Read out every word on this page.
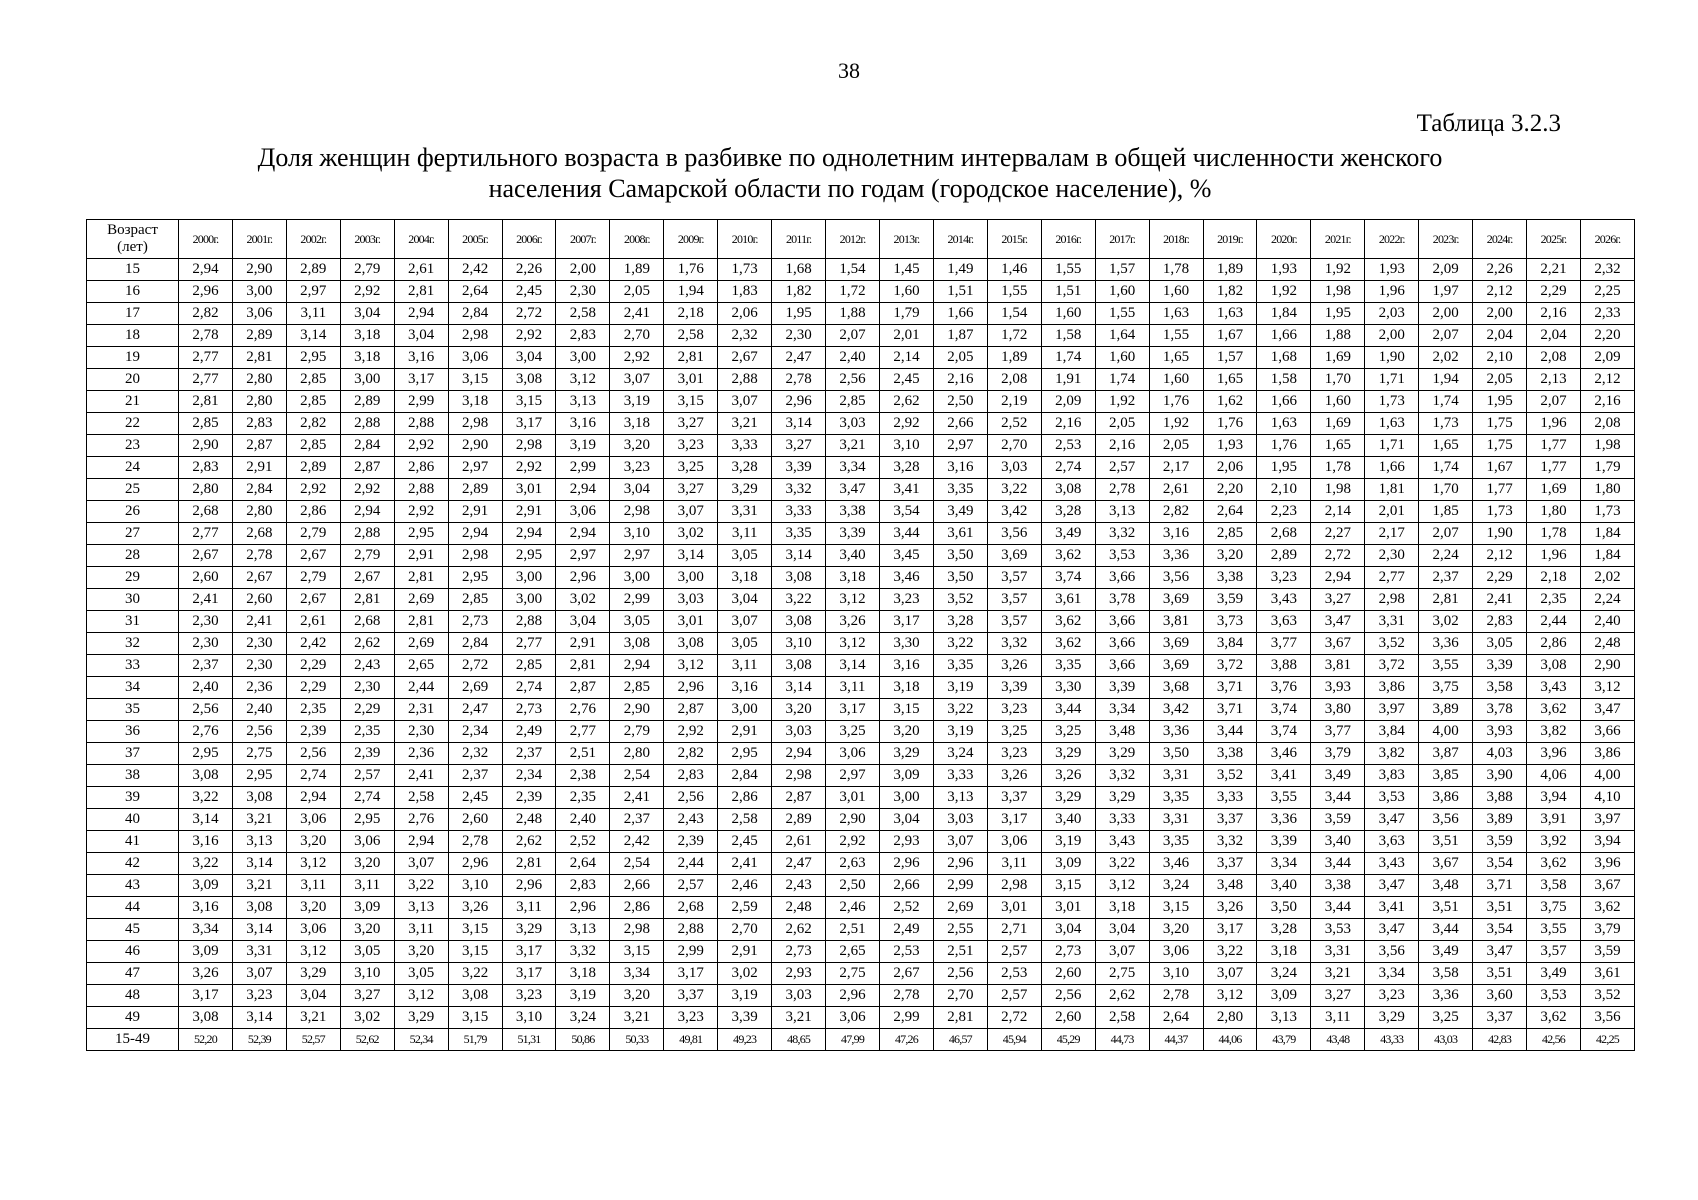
38
Таблица 3.2.3
Доля женщин фертильного возраста в разбивке по однолетним интервалам в общей численности женского
населения Самарской области по годам (городское население), %
Возраст
(лет)	2000г.	2001г.	2002г.	2003г.	2004г.	2005г.	2006г.	2007г.	2008г.	2009г.	2010г.	2011г.	2012г.	2013г.	2014г.	2015г.	2016г.	2017г.	2018г.	2019г.	2020г.	2021г.	2022г.	2023г.	2024г.	2025г.	2026г.
15	2,94	2,90	2,89	2,79	2,61	2,42	2,26	2,00	1,89	1,76	1,73	1,68	1,54	1,45	1,49	1,46	1,55	1,57	1,78	1,89	1,93	1,92	1,93	2,09	2,26	2,21	2,32
16	2,96	3,00	2,97	2,92	2,81	2,64	2,45	2,30	2,05	1,94	1,83	1,82	1,72	1,60	1,51	1,55	1,51	1,60	1,60	1,82	1,92	1,98	1,96	1,97	2,12	2,29	2,25
17	2,82	3,06	3,11	3,04	2,94	2,84	2,72	2,58	2,41	2,18	2,06	1,95	1,88	1,79	1,66	1,54	1,60	1,55	1,63	1,63	1,84	1,95	2,03	2,00	2,00	2,16	2,33
18	2,78	2,89	3,14	3,18	3,04	2,98	2,92	2,83	2,70	2,58	2,32	2,30	2,07	2,01	1,87	1,72	1,58	1,64	1,55	1,67	1,66	1,88	2,00	2,07	2,04	2,04	2,20
19	2,77	2,81	2,95	3,18	3,16	3,06	3,04	3,00	2,92	2,81	2,67	2,47	2,40	2,14	2,05	1,89	1,74	1,60	1,65	1,57	1,68	1,69	1,90	2,02	2,10	2,08	2,09
20	2,77	2,80	2,85	3,00	3,17	3,15	3,08	3,12	3,07	3,01	2,88	2,78	2,56	2,45	2,16	2,08	1,91	1,74	1,60	1,65	1,58	1,70	1,71	1,94	2,05	2,13	2,12
21	2,81	2,80	2,85	2,89	2,99	3,18	3,15	3,13	3,19	3,15	3,07	2,96	2,85	2,62	2,50	2,19	2,09	1,92	1,76	1,62	1,66	1,60	1,73	1,74	1,95	2,07	2,16
22	2,85	2,83	2,82	2,88	2,88	2,98	3,17	3,16	3,18	3,27	3,21	3,14	3,03	2,92	2,66	2,52	2,16	2,05	1,92	1,76	1,63	1,69	1,63	1,73	1,75	1,96	2,08
23	2,90	2,87	2,85	2,84	2,92	2,90	2,98	3,19	3,20	3,23	3,33	3,27	3,21	3,10	2,97	2,70	2,53	2,16	2,05	1,93	1,76	1,65	1,71	1,65	1,75	1,77	1,98
24	2,83	2,91	2,89	2,87	2,86	2,97	2,92	2,99	3,23	3,25	3,28	3,39	3,34	3,28	3,16	3,03	2,74	2,57	2,17	2,06	1,95	1,78	1,66	1,74	1,67	1,77	1,79
25	2,80	2,84	2,92	2,92	2,88	2,89	3,01	2,94	3,04	3,27	3,29	3,32	3,47	3,41	3,35	3,22	3,08	2,78	2,61	2,20	2,10	1,98	1,81	1,70	1,77	1,69	1,80
26	2,68	2,80	2,86	2,94	2,92	2,91	2,91	3,06	2,98	3,07	3,31	3,33	3,38	3,54	3,49	3,42	3,28	3,13	2,82	2,64	2,23	2,14	2,01	1,85	1,73	1,80	1,73
27	2,77	2,68	2,79	2,88	2,95	2,94	2,94	2,94	3,10	3,02	3,11	3,35	3,39	3,44	3,61	3,56	3,49	3,32	3,16	2,85	2,68	2,27	2,17	2,07	1,90	1,78	1,84
28	2,67	2,78	2,67	2,79	2,91	2,98	2,95	2,97	2,97	3,14	3,05	3,14	3,40	3,45	3,50	3,69	3,62	3,53	3,36	3,20	2,89	2,72	2,30	2,24	2,12	1,96	1,84
29	2,60	2,67	2,79	2,67	2,81	2,95	3,00	2,96	3,00	3,00	3,18	3,08	3,18	3,46	3,50	3,57	3,74	3,66	3,56	3,38	3,23	2,94	2,77	2,37	2,29	2,18	2,02
30	2,41	2,60	2,67	2,81	2,69	2,85	3,00	3,02	2,99	3,03	3,04	3,22	3,12	3,23	3,52	3,57	3,61	3,78	3,69	3,59	3,43	3,27	2,98	2,81	2,41	2,35	2,24
31	2,30	2,41	2,61	2,68	2,81	2,73	2,88	3,04	3,05	3,01	3,07	3,08	3,26	3,17	3,28	3,57	3,62	3,66	3,81	3,73	3,63	3,47	3,31	3,02	2,83	2,44	2,40
32	2,30	2,30	2,42	2,62	2,69	2,84	2,77	2,91	3,08	3,08	3,05	3,10	3,12	3,30	3,22	3,32	3,62	3,66	3,69	3,84	3,77	3,67	3,52	3,36	3,05	2,86	2,48
33	2,37	2,30	2,29	2,43	2,65	2,72	2,85	2,81	2,94	3,12	3,11	3,08	3,14	3,16	3,35	3,26	3,35	3,66	3,69	3,72	3,88	3,81	3,72	3,55	3,39	3,08	2,90
34	2,40	2,36	2,29	2,30	2,44	2,69	2,74	2,87	2,85	2,96	3,16	3,14	3,11	3,18	3,19	3,39	3,30	3,39	3,68	3,71	3,76	3,93	3,86	3,75	3,58	3,43	3,12
35	2,56	2,40	2,35	2,29	2,31	2,47	2,73	2,76	2,90	2,87	3,00	3,20	3,17	3,15	3,22	3,23	3,44	3,34	3,42	3,71	3,74	3,80	3,97	3,89	3,78	3,62	3,47
36	2,76	2,56	2,39	2,35	2,30	2,34	2,49	2,77	2,79	2,92	2,91	3,03	3,25	3,20	3,19	3,25	3,25	3,48	3,36	3,44	3,74	3,77	3,84	4,00	3,93	3,82	3,66
37	2,95	2,75	2,56	2,39	2,36	2,32	2,37	2,51	2,80	2,82	2,95	2,94	3,06	3,29	3,24	3,23	3,29	3,29	3,50	3,38	3,46	3,79	3,82	3,87	4,03	3,96	3,86
38	3,08	2,95	2,74	2,57	2,41	2,37	2,34	2,38	2,54	2,83	2,84	2,98	2,97	3,09	3,33	3,26	3,26	3,32	3,31	3,52	3,41	3,49	3,83	3,85	3,90	4,06	4,00
39	3,22	3,08	2,94	2,74	2,58	2,45	2,39	2,35	2,41	2,56	2,86	2,87	3,01	3,00	3,13	3,37	3,29	3,29	3,35	3,33	3,55	3,44	3,53	3,86	3,88	3,94	4,10
40	3,14	3,21	3,06	2,95	2,76	2,60	2,48	2,40	2,37	2,43	2,58	2,89	2,90	3,04	3,03	3,17	3,40	3,33	3,31	3,37	3,36	3,59	3,47	3,56	3,89	3,91	3,97
41	3,16	3,13	3,20	3,06	2,94	2,78	2,62	2,52	2,42	2,39	2,45	2,61	2,92	2,93	3,07	3,06	3,19	3,43	3,35	3,32	3,39	3,40	3,63	3,51	3,59	3,92	3,94
42	3,22	3,14	3,12	3,20	3,07	2,96	2,81	2,64	2,54	2,44	2,41	2,47	2,63	2,96	2,96	3,11	3,09	3,22	3,46	3,37	3,34	3,44	3,43	3,67	3,54	3,62	3,96
43	3,09	3,21	3,11	3,11	3,22	3,10	2,96	2,83	2,66	2,57	2,46	2,43	2,50	2,66	2,99	2,98	3,15	3,12	3,24	3,48	3,40	3,38	3,47	3,48	3,71	3,58	3,67
44	3,16	3,08	3,20	3,09	3,13	3,26	3,11	2,96	2,86	2,68	2,59	2,48	2,46	2,52	2,69	3,01	3,01	3,18	3,15	3,26	3,50	3,44	3,41	3,51	3,51	3,75	3,62
45	3,34	3,14	3,06	3,20	3,11	3,15	3,29	3,13	2,98	2,88	2,70	2,62	2,51	2,49	2,55	2,71	3,04	3,04	3,20	3,17	3,28	3,53	3,47	3,44	3,54	3,55	3,79
46	3,09	3,31	3,12	3,05	3,20	3,15	3,17	3,32	3,15	2,99	2,91	2,73	2,65	2,53	2,51	2,57	2,73	3,07	3,06	3,22	3,18	3,31	3,56	3,49	3,47	3,57	3,59
47	3,26	3,07	3,29	3,10	3,05	3,22	3,17	3,18	3,34	3,17	3,02	2,93	2,75	2,67	2,56	2,53	2,60	2,75	3,10	3,07	3,24	3,21	3,34	3,58	3,51	3,49	3,61
48	3,17	3,23	3,04	3,27	3,12	3,08	3,23	3,19	3,20	3,37	3,19	3,03	2,96	2,78	2,70	2,57	2,56	2,62	2,78	3,12	3,09	3,27	3,23	3,36	3,60	3,53	3,52
49	3,08	3,14	3,21	3,02	3,29	3,15	3,10	3,24	3,21	3,23	3,39	3,21	3,06	2,99	2,81	2,72	2,60	2,58	2,64	2,80	3,13	3,11	3,29	3,25	3,37	3,62	3,56
15-49	52,20	52,39	52,57	52,62	52,34	51,79	51,31	50,86	50,33	49,81	49,23	48,65	47,99	47,26	46,57	45,94	45,29	44,73	44,37	44,06	43,79	43,48	43,33	43,03	42,83	42,56	42,25
